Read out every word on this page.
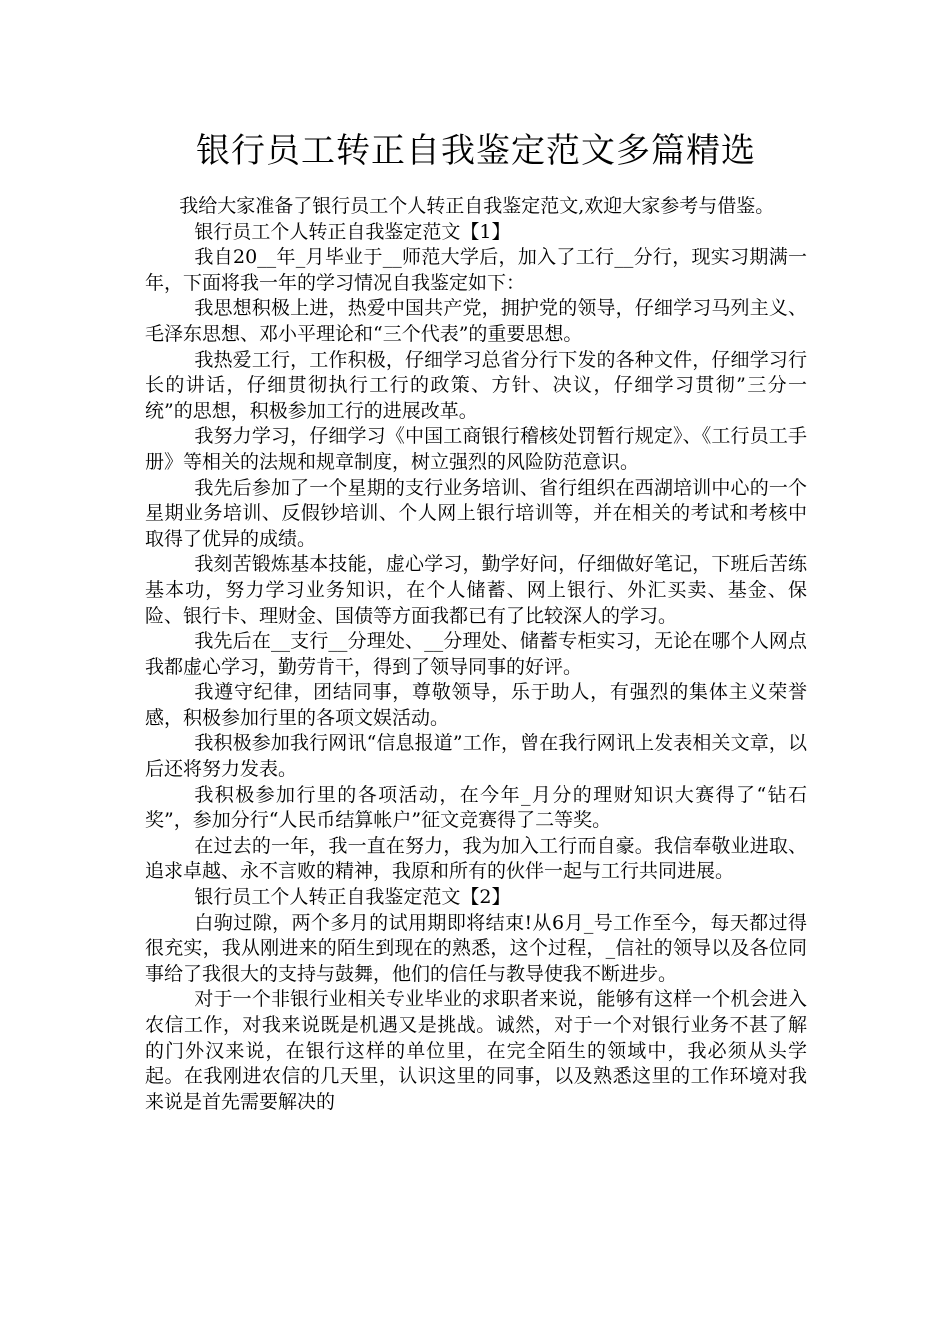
银行员工转正自我鉴定范文多篇精选

我给大家准备了银行员工个人转正自我鉴定范文,欢迎大家参考与借鉴。

银行员工个人转正自我鉴定范文【1】

我自20__年_月毕业于__师范大学后，加入了工行__分行，现实习期满一年，下面将我一年的学习情况自我鉴定如下：

我思想积极上进，热爱中国共产党，拥护党的领导，仔细学习马列主义、毛泽东思想、邓小平理论和“三个代表”的重要思想。

我热爱工行，工作积极，仔细学习总省分行下发的各种文件，仔细学习行长的讲话，仔细贯彻执行工行的政策、方针、决议，仔细学习贯彻”三分一统”的思想，积极参加工行的进展改革。

我努力学习，仔细学习《中国工商银行稽核处罚暂行规定》、《工行员工手册》等相关的法规和规章制度，树立强烈的风险防范意识。

我先后参加了一个星期的支行业务培训、省行组织在西湖培训中心的一个星期业务培训、反假钞培训、个人网上银行培训等，并在相关的考试和考核中取得了优异的成绩。

我刻苦锻炼基本技能，虚心学习，勤学好问，仔细做好笔记，下班后苦练基本功，努力学习业务知识，在个人储蓄、网上银行、外汇买卖、基金、保险、银行卡、理财金、国债等方面我都已有了比较深人的学习。

我先后在__支行__分理处、__分理处、储蓄专柜实习，无论在哪个人网点我都虚心学习，勤劳肯干，得到了领导同事的好评。

我遵守纪律，团结同事，尊敬领导，乐于助人，有强烈的集体主义荣誉感，积极参加行里的各项文娱活动。

我积极参加我行网讯“信息报道”工作，曾在我行网讯上发表相关文章，以后还将努力发表。

我积极参加行里的各项活动，在今年_月分的理财知识大赛得了“钻石奖”，参加分行“人民币结算帐户”征文竞赛得了二等奖。

在过去的一年，我一直在努力，我为加入工行而自豪。我信奉敬业进取、追求卓越、永不言败的精神，我原和所有的伙伴一起与工行共同进展。

银行员工个人转正自我鉴定范文【2】

白驹过隙，两个多月的试用期即将结束!从6月_号工作至今，每天都过得很充实，我从刚进来的陌生到现在的熟悉，这个过程，_信社的领导以及各位同事给了我很大的支持与鼓舞，他们的信任与教导使我不断进步。

对于一个非银行业相关专业毕业的求职者来说，能够有这样一个机会进入农信工作，对我来说既是机遇又是挑战。诚然，对于一个对银行业务不甚了解的门外汉来说，在银行这样的单位里，在完全陌生的领域中，我必须从头学起。在我刚进农信的几天里，认识这里的同事，以及熟悉这里的工作环境对我来说是首先需要解决的
